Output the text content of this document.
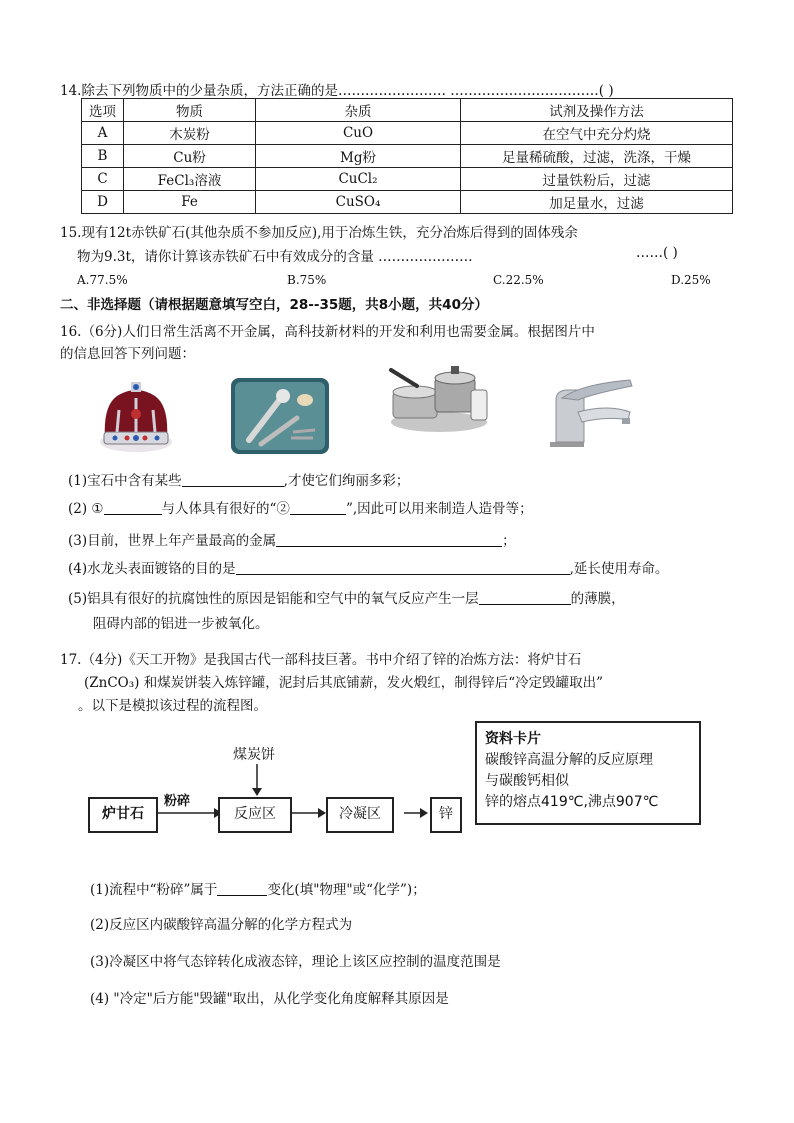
14.除去下列物质中的少量杂质，方法正确的是…………………… ……………………………( )
选项	物质	杂质	试剂及操作方法
A	木炭粉	CuO	在空气中充分灼烧
B	Cu粉	Mg粉	足量稀硫酸，过滤，洗涤，干燥
C	FeCl₃溶液	CuCl₂	过量铁粉后，过滤
D	Fe	CuSO₄	加足量水，过滤
15.现有12t赤铁矿石(其他杂质不参加反应),用于冶炼生铁，充分冶炼后得到的固体残余
物为9.3t，请你计算该赤铁矿石中有效成分的含量 …………………	……( )
A.77.5%	B.75%	C.22.5%	D.25%
二、非选择题（请根据题意填写空白，28--35题，共8小题，共40分）
16.（6分)人们日常生活离不开金属，高科技新材料的开发和利用也需要金属。根据图片中
的信息回答下列问题：
(1)宝石中含有某些	,才使它们绚丽多彩；
(2) ①	与人体具有很好的“②	”,因此可以用来制造人造骨等；
(3)目前，世界上年产量最高的金属	；
(4)水龙头表面镀铬的目的是	,延长使用寿命。
(5)铝具有很好的抗腐蚀性的原因是铝能和空气中的氧气反应产生一层	的薄膜，
阻碍内部的铝进一步被氧化。
17.（4分)《天工开物》是我国古代一部科技巨著。书中介绍了锌的冶炼方法：将炉甘石
(ZnCO₃) 和煤炭饼装入炼锌罐，泥封后其底铺薪，发火煅红，制得锌后“冷定毁罐取出”
。以下是模拟该过程的流程图。
煤炭饼
炉甘石
粉碎
反应区	冷凝区	锌
资料卡片
碳酸锌高温分解的反应原理
与碳酸钙相似
锌的熔点419℃,沸点907℃
(1)流程中“粉碎”属于	变化(填"物理"或“化学”)；
(2)反应区内碳酸锌高温分解的化学方程式为
(3)冷凝区中将气态锌转化成液态锌，理论上该区应控制的温度范围是
(4) "冷定"后方能"毁罐"取出，从化学变化角度解释其原因是
